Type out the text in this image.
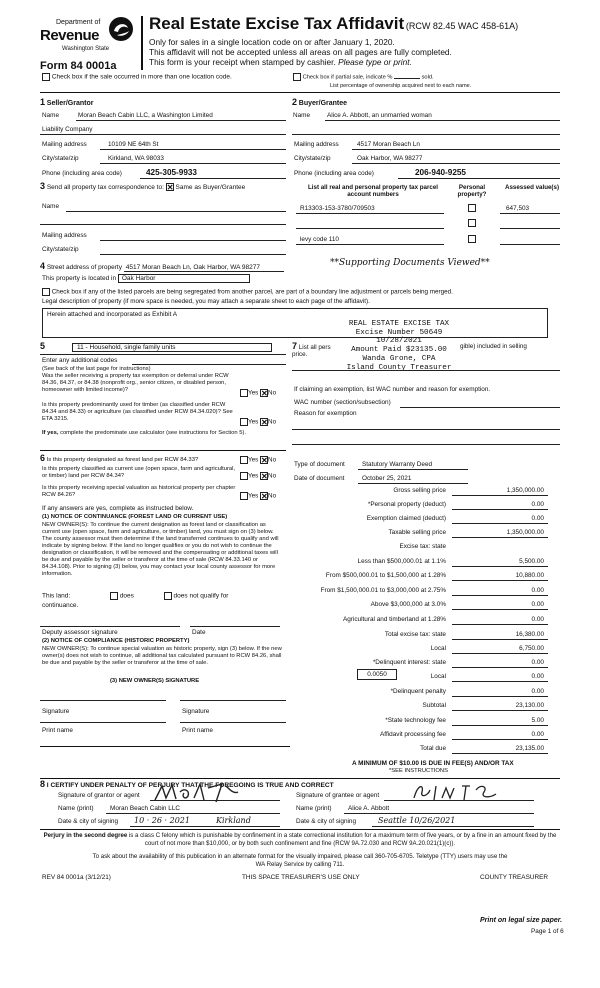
Department of
Revenue
Washington State
Form 84 0001a
Real Estate Excise Tax Affidavit (RCW 82.45 WAC 458-61A)
Only for sales in a single location code on or after January 1, 2020.
This affidavit will not be accepted unless all areas on all pages are fully completed.
This form is your receipt when stamped by cashier. Please type or print.
Check box if the sale occurred in more than one location code.	Check box if partial sale, indicate %	sold.
List percentage of ownership acquired next to each name.
1 Seller/Grantor
Name	Moran Beach Cabin LLC, a Washington Limited
Liability Company
Mailing address	10109 NE 64th St
City/state/zip	Kirkland, WA 98033
Phone (including area code)	425-305-9933
2 Buyer/Grantee
Name	Alice A. Abbott, an unmarried woman
Mailing address	4517 Moran Beach Ln
City/state/zip	Oak Harbor, WA 98277
Phone (including area code)	206-940-9255
3 Send all property tax correspondence to: ✕ Same as Buyer/Grantee
Name
Mailing address
City/state/zip
List all real and personal property tax parcel account numbers
Personal property?
Assessed value(s)
R13303-153-3780/709503	647,503
levy code 110
4 Street address of property 4517 Moran Beach Ln, Oak Harbor, WA 98277	**Supporting Documents Viewed**
This property is located in Oak Harbor
Check box if any of the listed parcels are being segregated from another parcel, are part of a boundary line adjustment or parcels being merged.
Legal description of property (if more space is needed, you may attach a separate sheet to each page of the affidavit).
Herein attached and incorporated as Exhibit A
REAL ESTATE EXCISE TAX
Excise Number 50649
10/28/2021
Amount Paid $23135.00
Wanda Grone, CPA
Island County Treasurer
5	11 - Household, single family units
Enter any additional codes
(See back of the last page for instructions)
Was the seller receiving a property tax exemption or deferral under RCW 84.36, 84.37, or 84.38 (nonprofit org., senior citizen, or disabled person, homeowner with limited income)?	Yes ✕ No
Is this property predominantly used for timber (as classified under RCW 84.34 and 84.33) or agriculture (as classified under RCW 84.34.020)? See ETA 3215.	Yes ✕ No
If yes, complete the predominate use calculator (see instructions for Section 5).
7 List all pers	gible) included in selling
price.
If claiming an exemption, list WAC number and reason for exemption.
WAC number (section/subsection)
Reason for exemption
6 Is this property designated as forest land per RCW 84.33?	Yes ✕ No
Is this property classified as current use (open space, farm and agricultural, or timber) land per RCW 84.34?	Yes ✕ No
Is this property receiving special valuation as historical property per chapter RCW 84.26?	Yes ✕ No
If any answers are yes, complete as instructed below.
(1) NOTICE OF CONTINUANCE (FOREST LAND OR CURRENT USE)
NEW OWNER(S): To continue the current designation as forest land or classification as current use (open space, farm and agriculture, or timber) land, you must sign on (3) below. The county assessor must then determine if the land transferred continues to qualify and will indicate by signing below. If the land no longer qualifies or you do not wish to continue the designation or classification, it will be removed and the compensating or additional taxes will be due and payable by the seller or transferor at the time of sale (RCW 84.33.140 or 84.34.108). Prior to signing (3) below, you may contact your local county assessor for more information.
This land:	does	does not qualify for
continuance.
Deputy assessor signature	Date
(2) NOTICE OF COMPLIANCE (HISTORIC PROPERTY)
NEW OWNER(S): To continue special valuation as historic property, sign (3) below. If the new owner(s) does not wish to continue, all additional tax calculated pursuant to RCW 84.26, shall be due and payable by the seller or transferor at the time of sale.
(3) NEW OWNER(S) SIGNATURE
Signature	Signature
Print name	Print name
Type of document	Statutory Warranty Deed
Date of document	October 25, 2021
Gross selling price	1,350,000.00
*Personal property (deduct)	0.00
Exemption claimed (deduct)	0.00
Taxable selling price	1,350,000.00
Excise tax: state
Less than $500,000.01 at 1.1%	5,500.00
From $500,000.01 to $1,500,000 at 1.28%	10,880.00
From $1,500,000.01 to $3,000,000 at 2.75%	0.00
Above $3,000,000 at 3.0%	0.00
Agricultural and timberland at 1.28%	0.00
Total excise tax: state	16,380.00
Local	6,750.00
*Delinquent interest: state	0.00
Local	0.00
*Delinquent penalty	0.00
Subtotal	23,130.00
*State technology fee	5.00
Affidavit processing fee	0.00
Total due	23,135.00
0.0050
A MINIMUM OF $10.00 IS DUE IN FEE(S) AND/OR TAX
*SEE INSTRUCTIONS
8 I CERTIFY UNDER PENALTY OF PERJURY THAT THE FOREGOING IS TRUE AND CORRECT
Signature of grantor or agent
Name (print)	Moran Beach Cabin LLC
Date & city of signing 10 · 26 · 2021	Kirkland
Signature of grantee or agent
Name (print)	Alice A. Abbott
Date & city of signing	Seattle 10/26/2021
Perjury in the second degree is a class C felony which is punishable by confinement in a state correctional institution for a maximum term of five years, or by a fine in an amount fixed by the court of not more than $10,000, or by both such confinement and fine (RCW 9A.72.030 and RCW 9A.20.021(1)(c)).
To ask about the availability of this publication in an alternate format for the visually impaired, please call 360-705-6705. Teletype (TTY) users may use the WA Relay Service by calling 711.
REV 84 0001a (3/12/21)	THIS SPACE TREASURER'S USE ONLY	COUNTY TREASURER
Print on legal size paper.
Page 1 of 6
